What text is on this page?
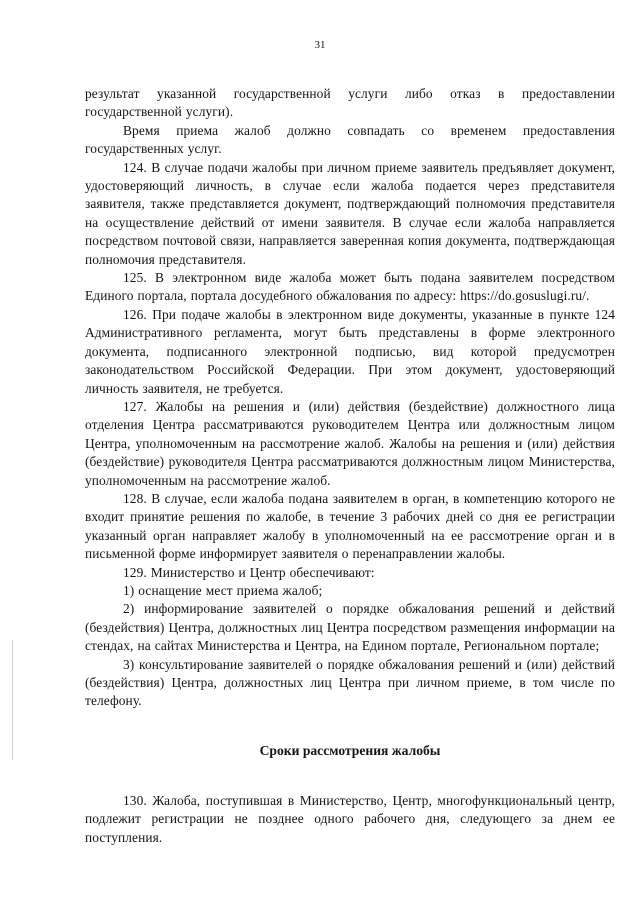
31

результат указанной государственной услуги либо отказ в предоставлении государственной услуги).

Время приема жалоб должно совпадать со временем предоставления государственных услуг.

124. В случае подачи жалобы при личном приеме заявитель предъявляет документ, удостоверяющий личность, в случае если жалоба подается через представителя заявителя, также представляется документ, подтверждающий полномочия представителя на осуществление действий от имени заявителя. В случае если жалоба направляется посредством почтовой связи, направляется заверенная копия документа, подтверждающая полномочия представителя.

125. В электронном виде жалоба может быть подана заявителем посредством Единого портала, портала досудебного обжалования по адресу: https://do.gosuslugi.ru/.

126. При подаче жалобы в электронном виде документы, указанные в пункте 124 Административного регламента, могут быть представлены в форме электронного документа, подписанного электронной подписью, вид которой предусмотрен законодательством Российской Федерации. При этом документ, удостоверяющий личность заявителя, не требуется.

127. Жалобы на решения и (или) действия (бездействие) должностного лица отделения Центра рассматриваются руководителем Центра или должностным лицом Центра, уполномоченным на рассмотрение жалоб. Жалобы на решения и (или) действия (бездействие) руководителя Центра рассматриваются должностным лицом Министерства, уполномоченным на рассмотрение жалоб.

128. В случае, если жалоба подана заявителем в орган, в компетенцию которого не входит принятие решения по жалобе, в течение 3 рабочих дней со дня ее регистрации указанный орган направляет жалобу в уполномоченный на ее рассмотрение орган и в письменной форме информирует заявителя о перенаправлении жалобы.

129. Министерство и Центр обеспечивают:

1) оснащение мест приема жалоб;

2) информирование заявителей о порядке обжалования решений и действий (бездействия) Центра, должностных лиц Центра посредством размещения информации на стендах, на сайтах Министерства и Центра, на Едином портале, Региональном портале;

3) консультирование заявителей о порядке обжалования решений и (или) действий (бездействия) Центра, должностных лиц Центра при личном приеме, в том числе по телефону.

Сроки рассмотрения жалобы

130. Жалоба, поступившая в Министерство, Центр, многофункциональный центр, подлежит регистрации не позднее одного рабочего дня, следующего за днем ее поступления.
